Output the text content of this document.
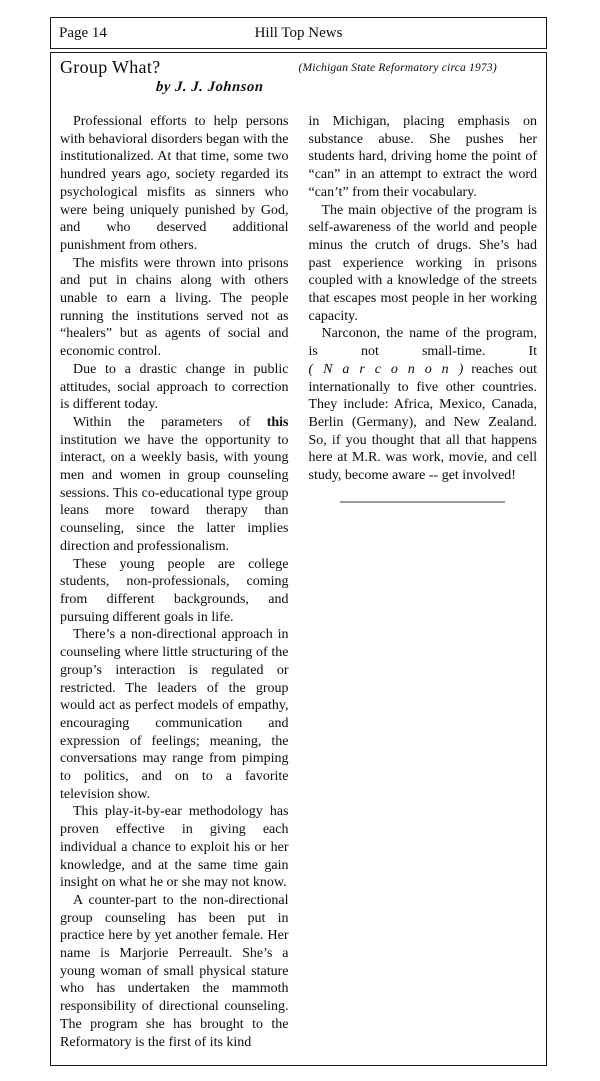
Page 14	Hill Top News
Group What?	(Michigan State Reformatory circa 1973)
by J. J. Johnson

Professional efforts to help persons with behavioral disorders began with the institutionalized. At that time, some two hundred years ago, society regarded its psychological misfits as sinners who were being uniquely punished by God, and who deserved additional punishment from others.

The misfits were thrown into prisons and put in chains along with others unable to earn a living. The people running the institutions served not as “healers” but as agents of social and economic control.

Due to a drastic change in public attitudes, social approach to correction is different today.

Within the parameters of this institution we have the opportunity to interact, on a weekly basis, with young men and women in group counseling sessions. This co-educational type group leans more toward therapy than counseling, since the latter implies direction and professionalism.

These young people are college students, non-professionals, coming from different backgrounds, and pursuing different goals in life.

There’s a non-directional approach in counseling where little structuring of the group’s interaction is regulated or restricted. The leaders of the group would act as perfect models of empathy, encouraging communication and expression of feelings; meaning, the conversations may range from pimping to politics, and on to a favorite television show.

This play-it-by-ear methodology has proven effective in giving each individual a chance to exploit his or her knowledge, and at the same time gain insight on what he or she may not know.

A counter-part to the non-directional group counseling has been put in practice here by yet another female. Her name is Marjorie Perreault. She’s a young woman of small physical stature who has undertaken the mammoth responsibility of directional counseling. The program she has brought to the Reformatory is the first of its kind

in Michigan, placing emphasis on substance abuse. She pushes her students hard, driving home the point of “can” in an attempt to extract the word “can’t” from their vocabulary.

The main objective of the program is self-awareness of the world and people minus the crutch of drugs. She’s had past experience working in prisons coupled with a knowledge of the streets that escapes most people in her working capacity.

Narconon, the name of the program, is not small-time. It ( N a r c o n o n ) reaches out internationally to five other countries. They include: Africa, Mexico, Canada, Berlin (Germany), and New Zealand. So, if you thought that all that happens here at M.R. was work, movie, and cell study, become aware -- get involved!
